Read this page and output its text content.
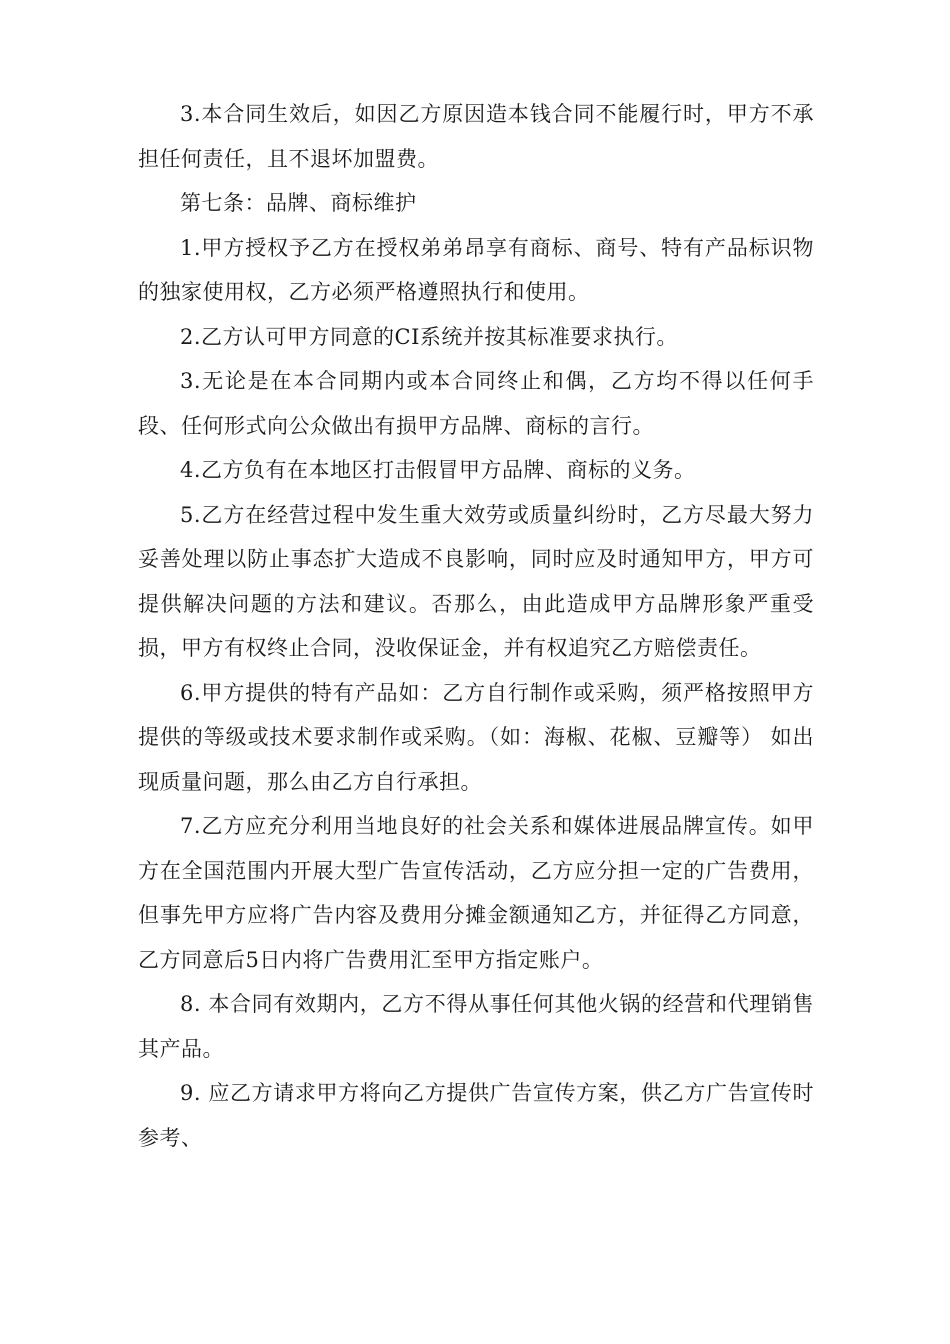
3.本合同生效后，如因乙方原因造本钱合同不能履行时，甲方不承担任何责任，且不退坏加盟费。

第七条：品牌、商标维护

1.甲方授权予乙方在授权弟弟昂享有商标、商号、特有产品标识物的独家使用权，乙方必须严格遵照执行和使用。

2.乙方认可甲方同意的CI系统并按其标准要求执行。

3.无论是在本合同期内或本合同终止和偶，乙方均不得以任何手段、任何形式向公众做出有损甲方品牌、商标的言行。

4.乙方负有在本地区打击假冒甲方品牌、商标的义务。

5.乙方在经营过程中发生重大效劳或质量纠纷时，乙方尽最大努力妥善处理以防止事态扩大造成不良影响，同时应及时通知甲方，甲方可提供解决问题的方法和建议。否那么，由此造成甲方品牌形象严重受损，甲方有权终止合同，没收保证金，并有权追究乙方赔偿责任。

6.甲方提供的特有产品如：乙方自行制作或采购，须严格按照甲方提供的等级或技术要求制作或采购。（如：海椒、花椒、豆瓣等） 如出现质量问题，那么由乙方自行承担。

7.乙方应充分利用当地良好的社会关系和媒体进展品牌宣传。如甲方在全国范围内开展大型广告宣传活动，乙方应分担一定的广告费用，但事先甲方应将广告内容及费用分摊金额通知乙方，并征得乙方同意，乙方同意后5日内将广告费用汇至甲方指定账户。

8. 本合同有效期内，乙方不得从事任何其他火锅的经营和代理销售其产品。

9. 应乙方请求甲方将向乙方提供广告宣传方案，供乙方广告宣传时参考、
